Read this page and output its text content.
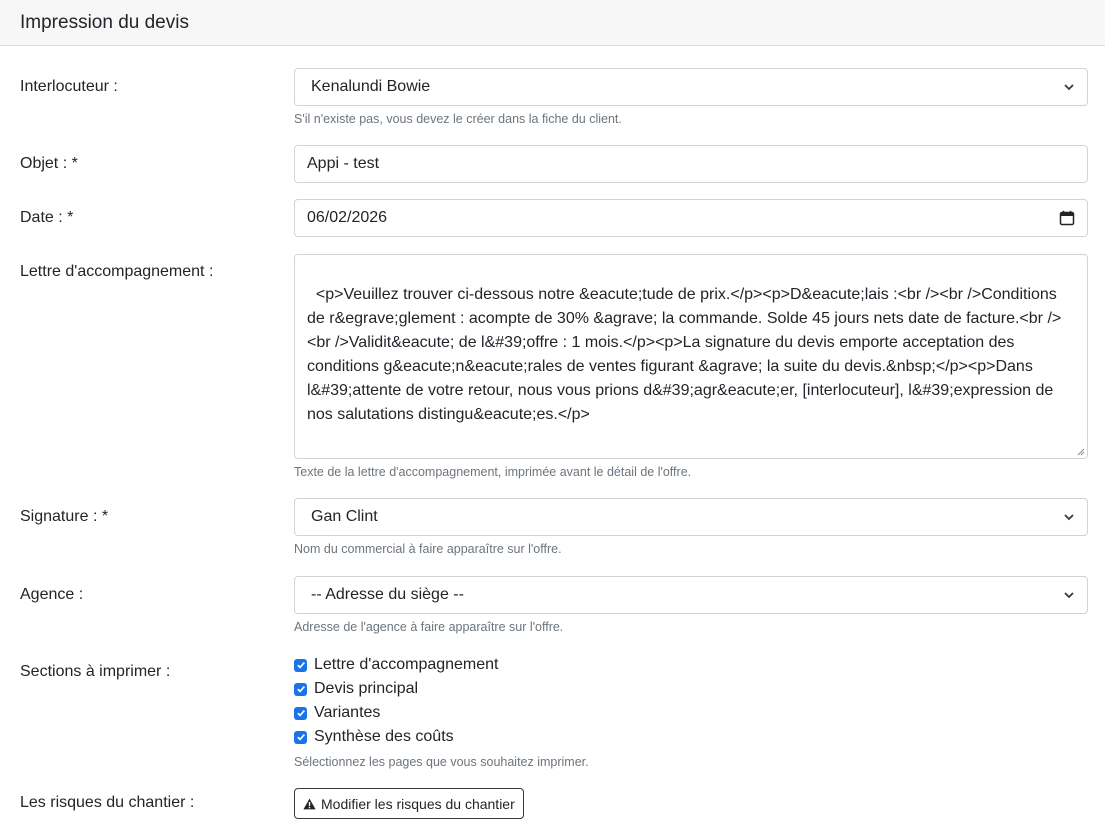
Impression du devis
Interlocuteur :	Kenalundi Bowie
S'il n'existe pas, vous devez le créer dans la fiche du client.
Objet : *	Appi - test
Date : *	06/02/2026
Lettre d'accompagnement :

<p>Veuillez trouver ci-dessous notre &eacute;tude de prix.</p><p>D&eacute;lais :<br /><br />Conditions de r&egrave;glement : acompte de 30% &agrave; la commande. Solde 45 jours nets date de facture.<br /><br />Validit&eacute; de l&#39;offre : 1 mois.</p><p>La signature du devis emporte acceptation des conditions g&eacute;n&eacute;rales de ventes figurant &agrave; la suite du devis.&nbsp;</p><p>Dans l&#39;attente de votre retour, nous vous prions d&#39;agr&eacute;er, [interlocuteur], l&#39;expression de nos salutations distingu&eacute;es.</p>

Texte de la lettre d'accompagnement, imprimée avant le détail de l'offre.
Signature : *	Gan Clint
Nom du commercial à faire apparaître sur l'offre.
Agence :	-- Adresse du siège --
Adresse de l'agence à faire apparaître sur l'offre.
Sections à imprimer :	Lettre d'accompagnement
Devis principal
Variantes
Synthèse des coûts
Sélectionnez les pages que vous souhaitez imprimer.
Les risques du chantier :	Modifier les risques du chantier
